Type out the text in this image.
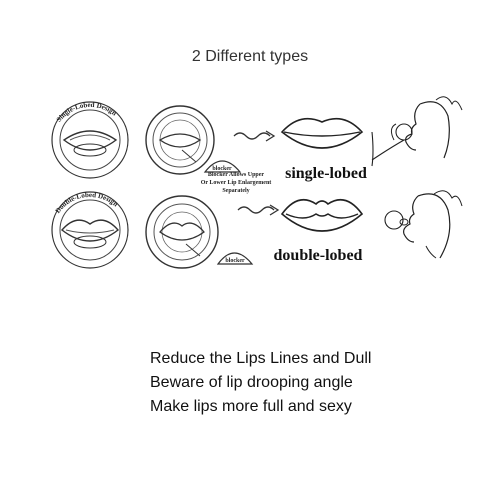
2 Different types
Single-Lobed Design
blocker	single-lobed
Double-Lobed Design
blocker
Blocker Allows Upper
Or Lower Lip Enlargement
Separately
double-lobed
Reduce the Lips Lines and Dull
Beware of lip drooping angle
Make lips more full and sexy
